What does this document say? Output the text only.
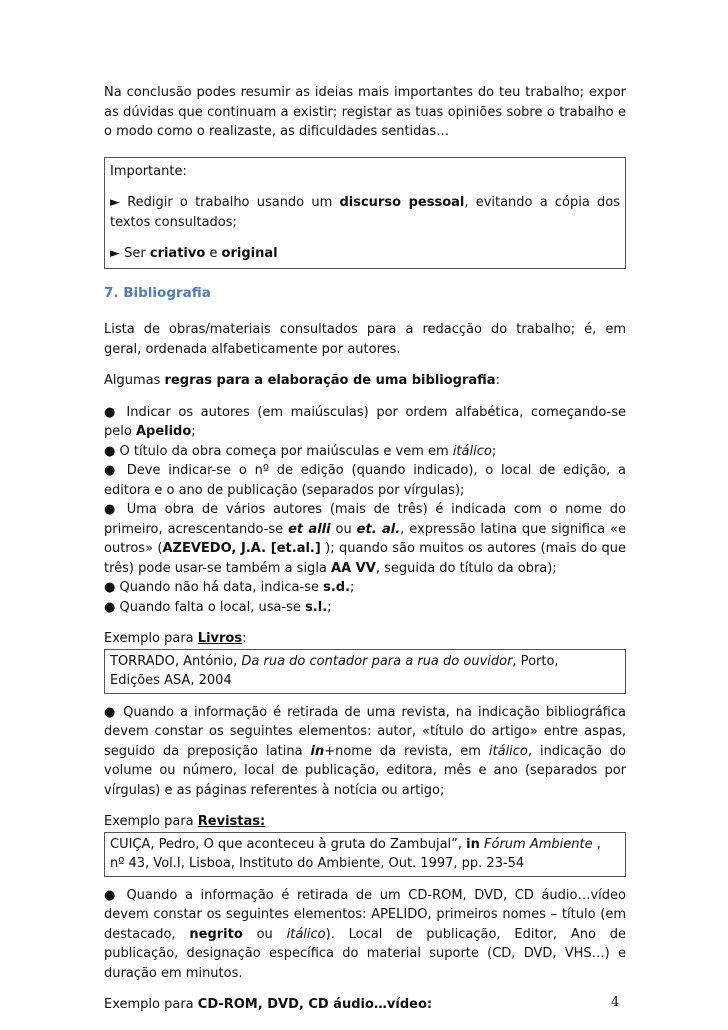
Na conclusão podes resumir as ideias mais importantes do teu trabalho; expor

as dúvidas que continuam a existir; registar as tuas opiniões sobre o trabalho e

o modo como o realizaste, as dificuldades sentidas…

Importante:

► Redigir o trabalho usando um discurso pessoal, evitando a cópia dos

textos consultados;

► Ser criativo e original

7. Bibliografia

Lista de obras/materiais consultados para a redacção do trabalho; é, em

geral, ordenada alfabeticamente por autores.

Algumas regras para a elaboração de uma bibliografia:

● Indicar os autores (em maiúsculas) por ordem alfabética, começando-se

pelo Apelido;

● O título da obra começa por maiúsculas e vem em itálico;

● Deve indicar-se o nº de edição (quando indicado), o local de edição, a

editora e o ano de publicação (separados por vírgulas);

● Uma obra de vários autores (mais de três) é indicada com o nome do

primeiro, acrescentando-se et alli ou et. al., expressão latina que significa «e

outros» (AZEVEDO, J.A. [et.al.] ); quando são muitos os autores (mais do que

três) pode usar-se também a sigla AA VV, seguida do título da obra);

● Quando não há data, indica-se s.d.;

● Quando falta o local, usa-se s.l.;

Exemplo para Livros:

TORRADO, António, Da rua do contador para a rua do ouvidor, Porto,

Edições ASA, 2004

● Quando a informação é retirada de uma revista, na indicação bibliográfica

devem constar os seguintes elementos: autor, «título do artigo» entre aspas,

seguido da preposição latina in+nome da revista, em itálico, indicação do

volume ou número, local de publicação, editora, mês e ano (separados por

vírgulas) e as páginas referentes à notícia ou artigo;

Exemplo para Revistas:

CUIÇA, Pedro, O que aconteceu à gruta do Zambujal”, in Fórum Ambiente ,

nº 43, Vol.I, Lisboa, Instituto do Ambiente, Out. 1997, pp. 23-54

● Quando a informação é retirada de um CD-ROM, DVD, CD áudio…vídeo

devem constar os seguintes elementos: APELIDO, primeiros nomes – título (em

destacado, negrito ou itálico). Local de publicação, Editor, Ano de

publicação, designação específica do material suporte (CD, DVD, VHS…) e

duração em minutos.

Exemplo para CD-ROM, DVD, CD áudio…vídeo:	4
